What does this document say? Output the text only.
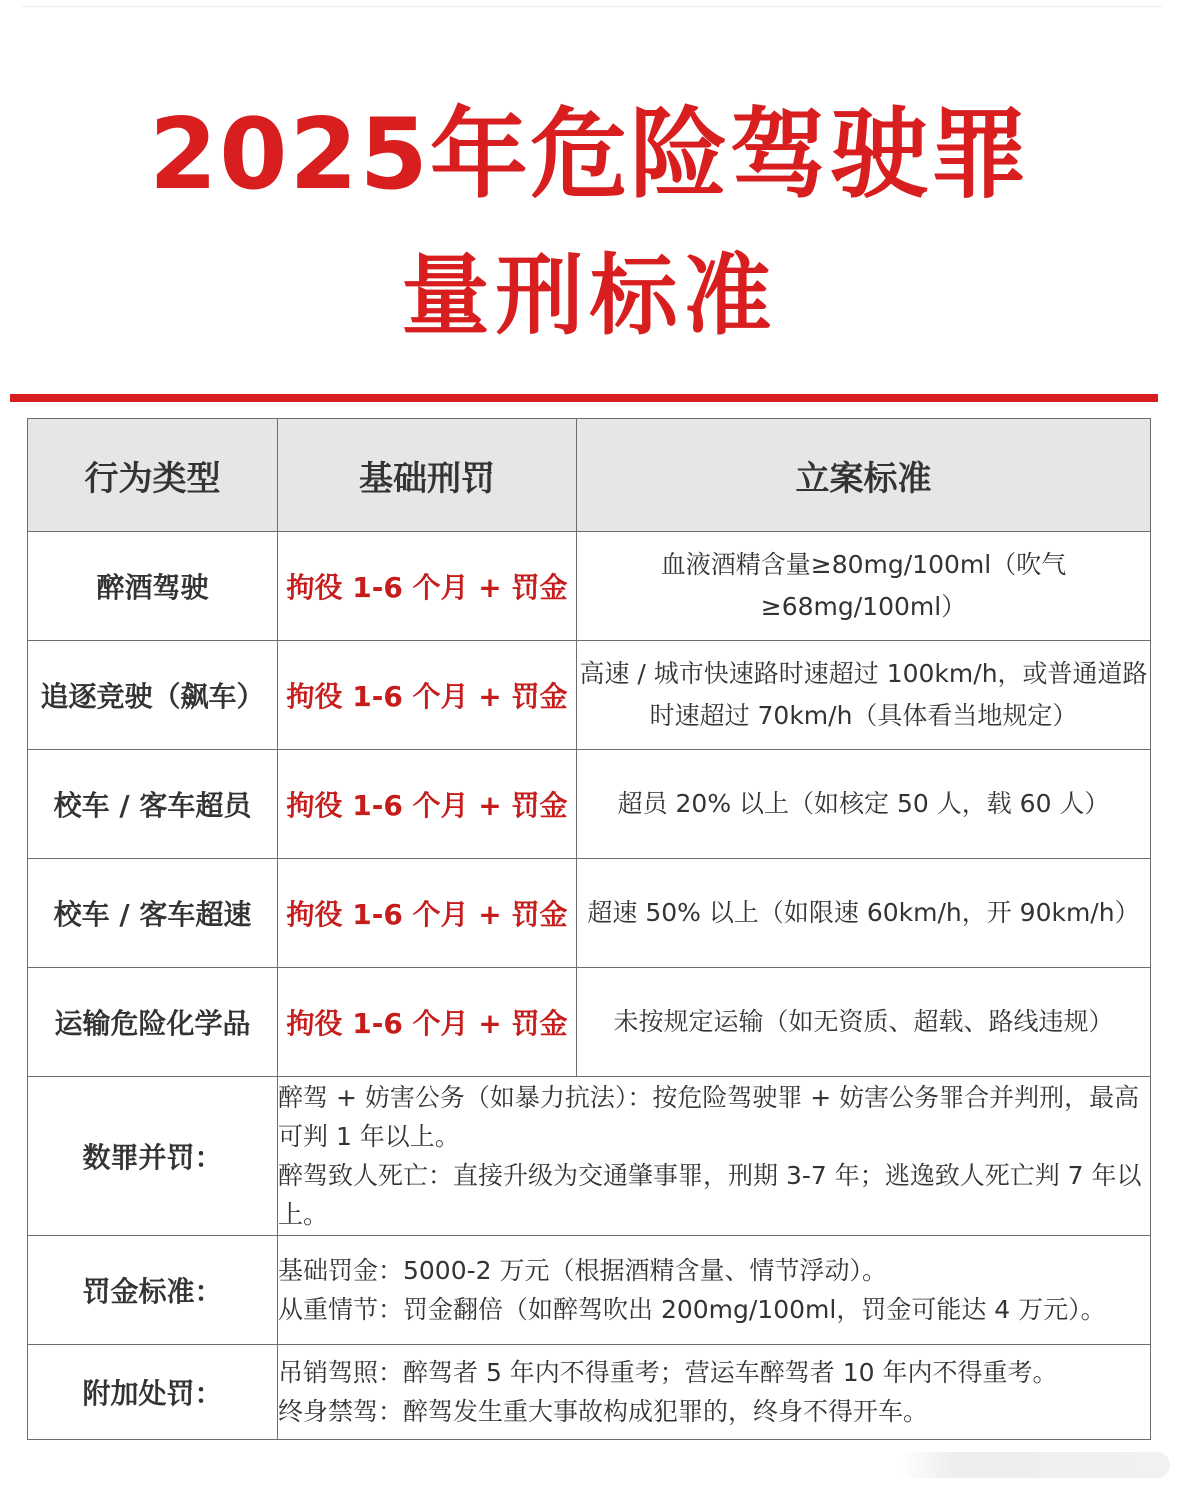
2025年危险驾驶罪
量刑标准
行为类型	基础刑罚	立案标准
醉酒驾驶	拘役 1-6 个月 + 罚金	血液酒精含量≥80mg/100ml（吹气≥68mg/100ml）
追逐竞驶（飙车）	拘役 1-6 个月 + 罚金	高速 / 城市快速路时速超过 100km/h，或普通道路时速超过 70km/h（具体看当地规定）
校车 / 客车超员	拘役 1-6 个月 + 罚金	超员 20% 以上（如核定 50 人，载 60 人）
校车 / 客车超速	拘役 1-6 个月 + 罚金	超速 50% 以上（如限速 60km/h，开 90km/h）
运输危险化学品	拘役 1-6 个月 + 罚金	未按规定运输（如无资质、超载、路线违规）
数罪并罚：	醉驾 + 妨害公务（如暴力抗法）：按危险驾驶罪 + 妨害公务罪合并判刑，最高可判 1 年以上。
醉驾致人死亡：直接升级为交通肇事罪，刑期 3-7 年；逃逸致人死亡判 7 年以上。	

罚金标准：	基础罚金：5000-2 万元（根据酒精含量、情节浮动）。
从重情节：罚金翻倍（如醉驾吹出 200mg/100ml，罚金可能达 4 万元）。	

附加处罚：	吊销驾照：醉驾者 5 年内不得重考；营运车醉驾者 10 年内不得重考。
终身禁驾：醉驾发生重大事故构成犯罪的，终身不得开车。	
